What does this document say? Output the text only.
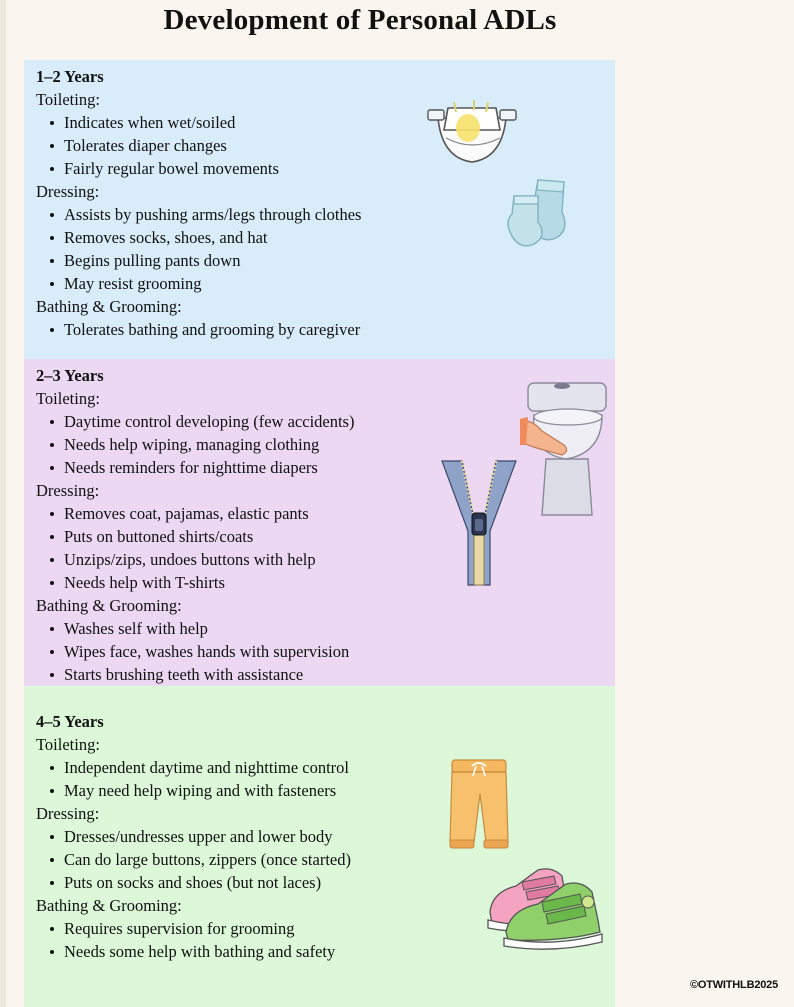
Development of Personal ADLs
1–2 Years
Toileting:
Indicates when wet/soiled
Tolerates diaper changes
Fairly regular bowel movements
Dressing:
Assists by pushing arms/legs through clothes
Removes socks, shoes, and hat
Begins pulling pants down
May resist grooming
Bathing & Grooming:
Tolerates bathing and grooming by caregiver
2–3 Years
Toileting:
Daytime control developing (few accidents)
Needs help wiping, managing clothing
Needs reminders for nighttime diapers
Dressing:
Removes coat, pajamas, elastic pants
Puts on buttoned shirts/coats
Unzips/zips, undoes buttons with help
Needs help with T-shirts
Bathing & Grooming:
Washes self with help
Wipes face, washes hands with supervision
Starts brushing teeth with assistance
4–5 Years
Toileting:
Independent daytime and nighttime control
May need help wiping and with fasteners
Dressing:
Dresses/undresses upper and lower body
Can do large buttons, zippers (once started)
Puts on socks and shoes (but not laces)
Bathing & Grooming:
Requires supervision for grooming
Needs some help with bathing and safety
©OTWITHLB2025
